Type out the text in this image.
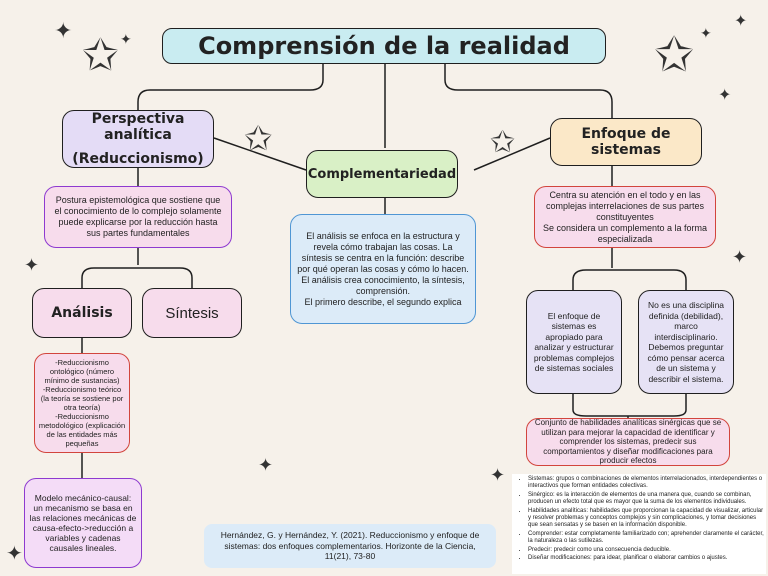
✦
✩ ✦
✩	✩
✩ ✦
✦
✦
✦	✦
✦	✦
✦
Comprensión de la realidad
Perspectiva analítica
(Reduccionismo)
Postura epistemológica que sostiene que el conocimiento de lo complejo solamente puede explicarse por la reducción hasta sus partes fundamentales
Análisis	Síntesis
-Reduccionismo ontológico (número mínimo de sustancias)
-Reduccionismo teórico (la teoría se sostiene por otra teoría)
-Reduccionismo metodológico (explicación de las entidades más pequeñas
Modelo mecánico-causal: un mecanismo se basa en las relaciones mecánicas de causa-efecto->reducción a variables y cadenas causales lineales.
Complementariedad
El análisis se enfoca en la estructura y revela cómo trabajan las cosas. La síntesis se centra en la función: describe por qué operan las cosas y cómo lo hacen.
El análisis crea conocimiento, la síntesis, comprensión.
El primero describe, el segundo explica
Enfoque de sistemas
Centra su atención en el todo y en las complejas interrelaciones de sus partes constituyentes
Se considera un complemento a la forma especializada
El enfoque de sistemas es apropiado para analizar y estructurar problemas complejos de sistemas sociales
No es una disciplina definida (debilidad), marco interdisciplinario. Debemos preguntar cómo pensar acerca de un sistema y describir el sistema.
Conjunto de habilidades analíticas sinérgicas que se utilizan para mejorar la capacidad de identificar y comprender los sistemas, predecir sus comportamientos y diseñar modificaciones para producir efectos
Hernández, G. y Hernández, Y. (2021). Reduccionismo y enfoque de sistemas: dos enfoques complementarios. Horizonte de la Ciencia, 11(21), 73-80
• Sistemas: grupos o combinaciones de elementos interrelacionados, interdependientes o interactivos que forman entidades colectivas.
• Sinérgico: es la interacción de elementos de una manera que, cuando se combinan, producen un efecto total que es mayor que la suma de los elementos individuales.
• Habilidades analíticas: habilidades que proporcionan la capacidad de visualizar, articular y resolver problemas y conceptos complejos y sin complicaciones, y tomar decisiones que sean sensatas y se basen en la información disponible.
• Comprender: estar completamente familiarizado con; aprehender claramente el carácter, la naturaleza o las sutilezas.
• Predecir: predecir como una consecuencia deducible.
• Diseñar modificaciones: para idear, planificar o elaborar cambios o ajustes.
